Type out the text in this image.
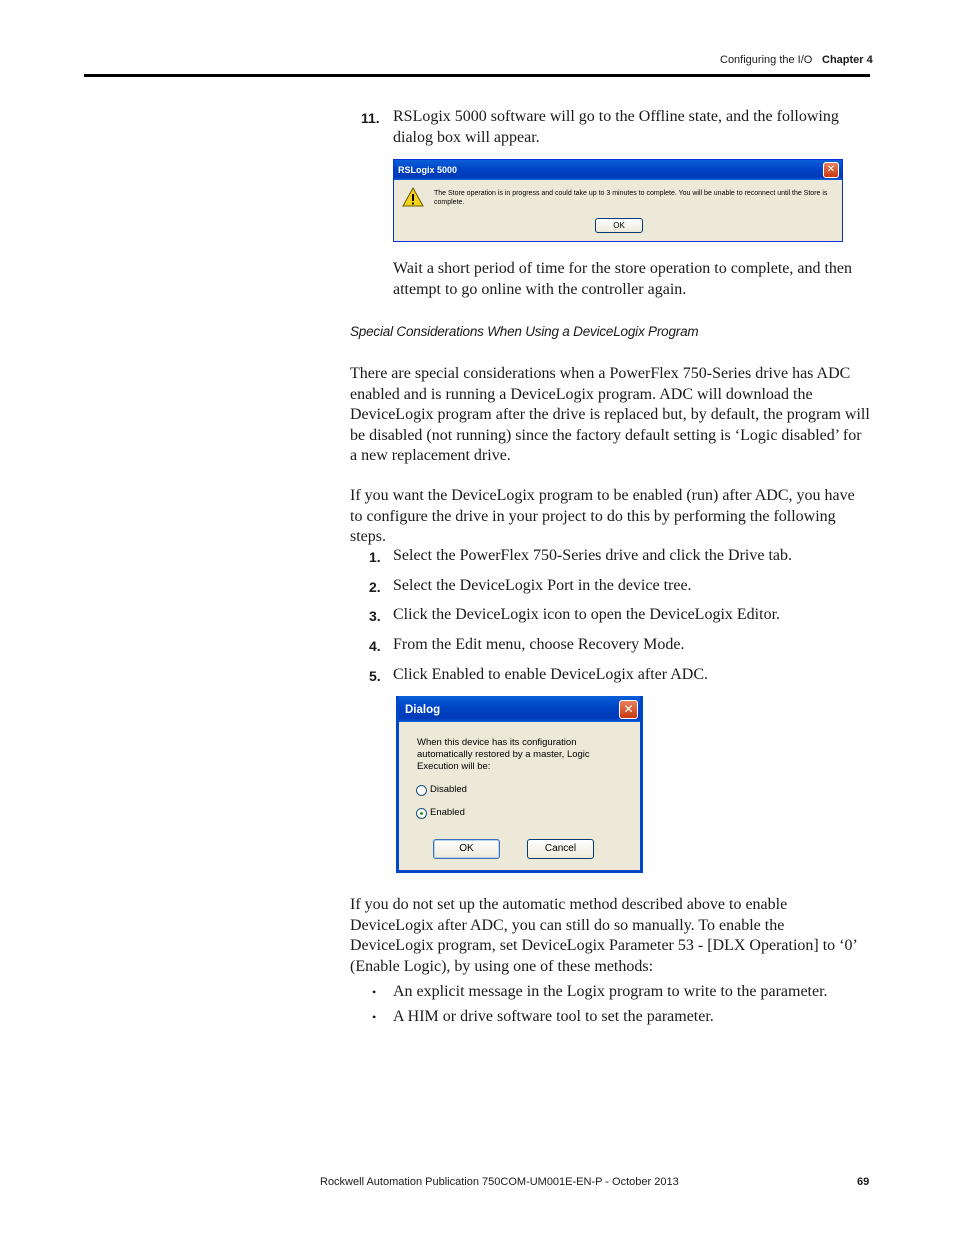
Configuring the I/O Chapter 4
11. RSLogix 5000 software will go to the Offline state, and the following dialog box will appear.
RSLogix 5000	✕
The Store operation is in progress and could take up to 3 minutes to complete. You will be unable to reconnect until the Store is complete.
OK
Wait a short period of time for the store operation to complete, and then attempt to go online with the controller again.
Special Considerations When Using a DeviceLogix Program
There are special considerations when a PowerFlex 750-Series drive has ADC enabled and is running a DeviceLogix program. ADC will download the DeviceLogix program after the drive is replaced but, by default, the program will be disabled (not running) since the factory default setting is ‘Logic disabled’ for a new replacement drive.
If you want the DeviceLogix program to be enabled (run) after ADC, you have to configure the drive in your project to do this by performing the following steps.
1. Select the PowerFlex 750-Series drive and click the Drive tab.
2. Select the DeviceLogix Port in the device tree.
3. Click the DeviceLogix icon to open the DeviceLogix Editor.
4. From the Edit menu, choose Recovery Mode.
5. Click Enabled to enable DeviceLogix after ADC.
Dialog	✕
When this device has its configuration automatically restored by a master, Logic Execution will be:
Disabled
Enabled
OK	Cancel
If you do not set up the automatic method described above to enable DeviceLogix after ADC, you can still do so manually. To enable the DeviceLogix program, set DeviceLogix Parameter 53 - [DLX Operation] to ‘0’ (Enable Logic), by using one of these methods:
• An explicit message in the Logix program to write to the parameter.
• A HIM or drive software tool to set the parameter.
Rockwell Automation Publication 750COM-UM001E-EN-P - October 2013	69
